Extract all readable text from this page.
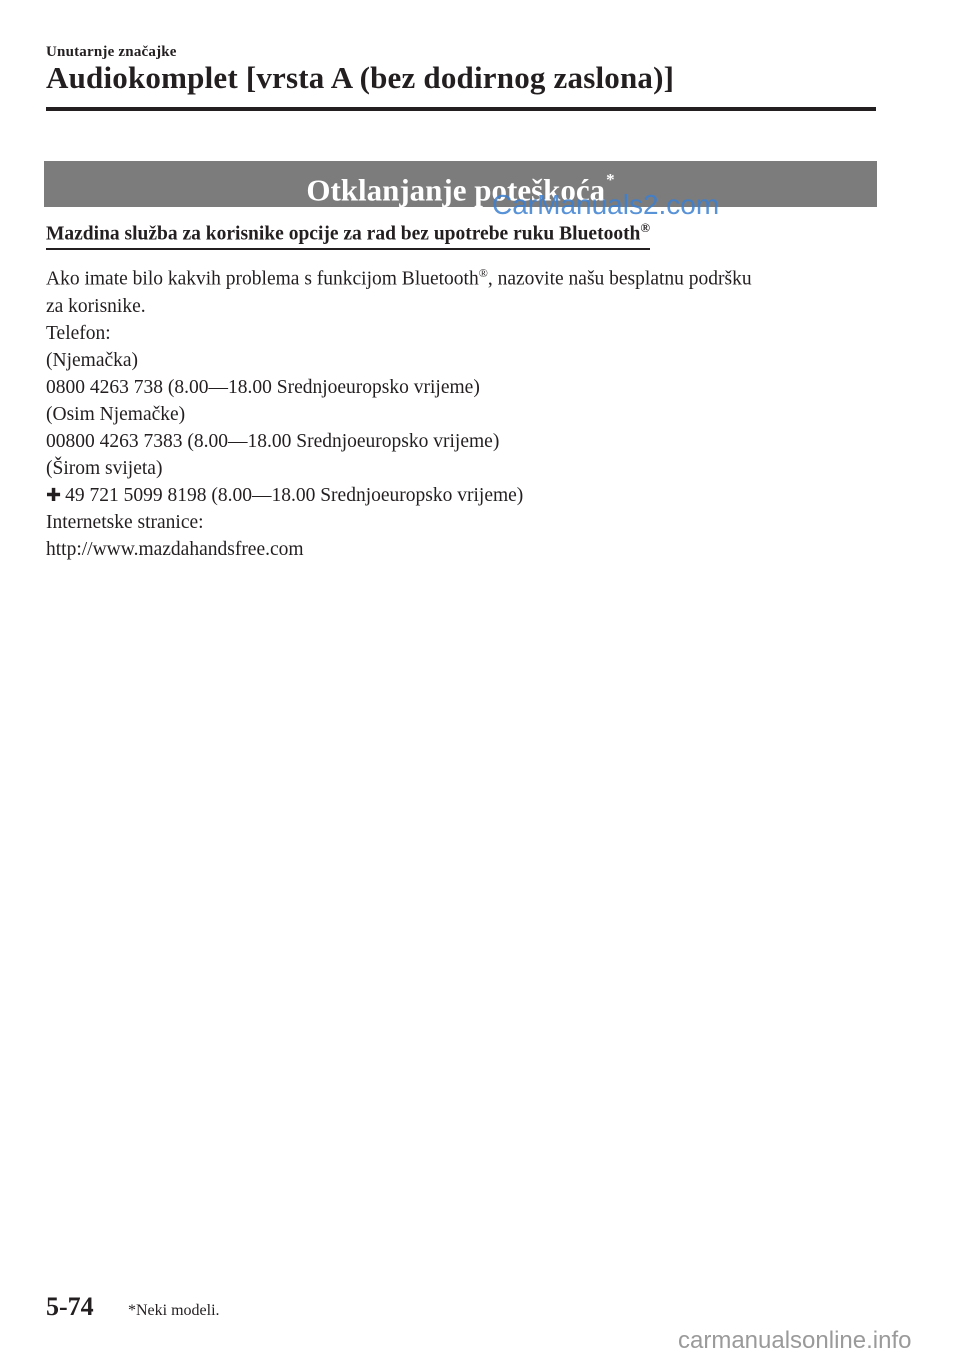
Unutarnje značajke
Audiokomplet [vrsta A (bez dodirnog zaslona)]
Otklanjanje poteškoća*
CarManuals2.com
Mazdina služba za korisnike opcije za rad bez upotrebe ruku Bluetooth®

Ako imate bilo kakvih problema s funkcijom Bluetooth®, nazovite našu besplatnu podršku

za korisnike.

Telefon:

(Njemačka)

0800 4263 738 (8.00—18.00 Srednjoeuropsko vrijeme)

(Osim Njemačke)

00800 4263 7383 (8.00—18.00 Srednjoeuropsko vrijeme)

(Širom svijeta)

✚ 49 721 5099 8198 (8.00—18.00 Srednjoeuropsko vrijeme)

Internetske stranice:

http://www.mazdahandsfree.com

5-74 *Neki modeli.
carmanualsonline.info
